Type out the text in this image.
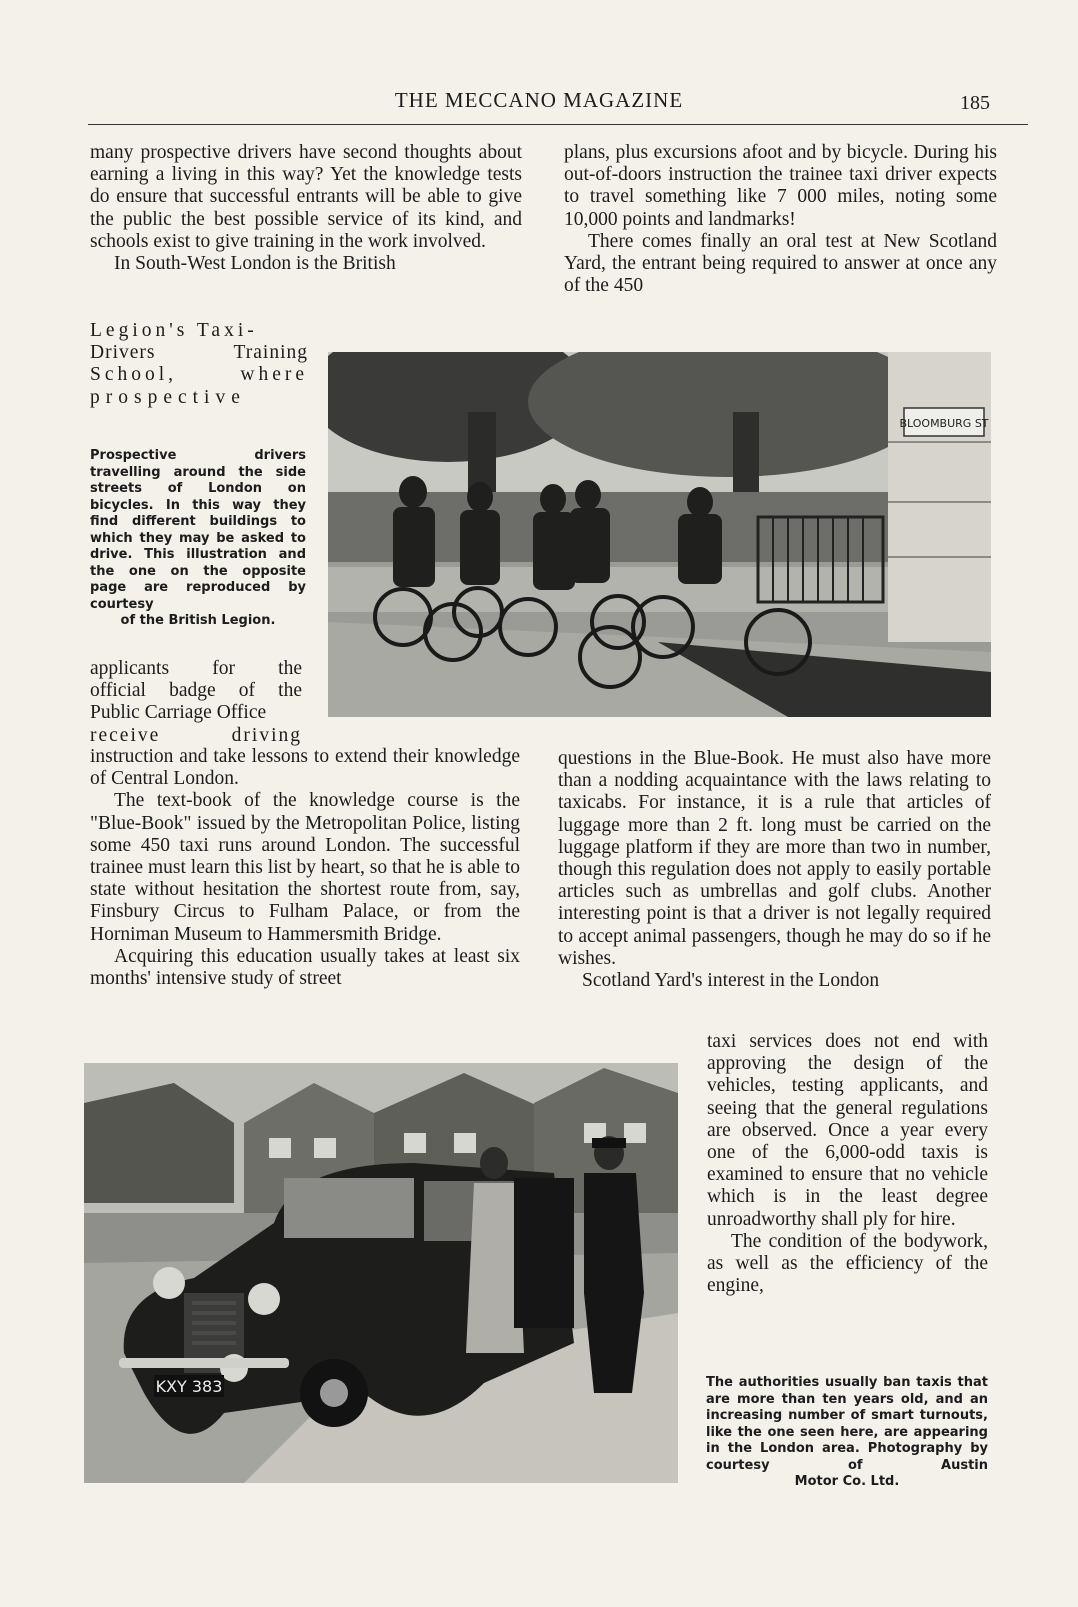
THE MECCANO MAGAZINE	185

many prospective drivers have second thoughts about earning a living in this way? Yet the knowledge tests do ensure that successful entrants will be able to give the public the best possible service of its kind, and schools exist to give training in the work involved.

In South-West London is the British

Legion's Taxi-

Drivers Training

School, where

prospective

Prospective drivers travelling around the side streets of London on bicycles. In this way they find different buildings to which they may be asked to drive. This illustration and the one on the opposite page are reproduced by courtesy
of the British Legion.
BLOOMBURG ST

applicants for the

official badge of the

Public Carriage Office

receive driving

instruction and take lessons to extend their knowledge of Central London.

The text-book of the knowledge course is the "Blue-Book" issued by the Metropolitan Police, listing some 450 taxi runs around London. The successful trainee must learn this list by heart, so that he is able to state without hesitation the shortest route from, say, Finsbury Circus to Fulham Palace, or from the Horniman Museum to Hammersmith Bridge.

Acquiring this education usually takes at least six months' intensive study of street

plans, plus excursions afoot and by bicycle. During his out-of-doors instruction the trainee taxi driver expects to travel something like 7 000 miles, noting some 10,000 points and landmarks!

There comes finally an oral test at New Scotland Yard, the entrant being required to answer at once any of the 450

questions in the Blue-Book. He must also have more than a nodding acquaintance with the laws relating to taxicabs. For instance, it is a rule that articles of luggage more than 2 ft. long must be carried on the luggage platform if they are more than two in number, though this regulation does not apply to easily portable articles such as umbrellas and golf clubs. Another interesting point is that a driver is not legally required to accept animal passengers, though he may do so if he wishes.

Scotland Yard's interest in the London

KXY 383

taxi services does not end with approving the design of the vehicles, testing applicants, and seeing that the general regulations are observed. Once a year every one of the 6,000-odd taxis is examined to ensure that no vehicle which is in the least degree unroadworthy shall ply for hire.

The condition of the bodywork, as well as the efficiency of the engine,

The authorities usually ban taxis that are more than ten years old, and an increasing number of smart turnouts, like the one seen here, are appearing in the London area. Photography by courtesy of Austin
Motor Co. Ltd.
